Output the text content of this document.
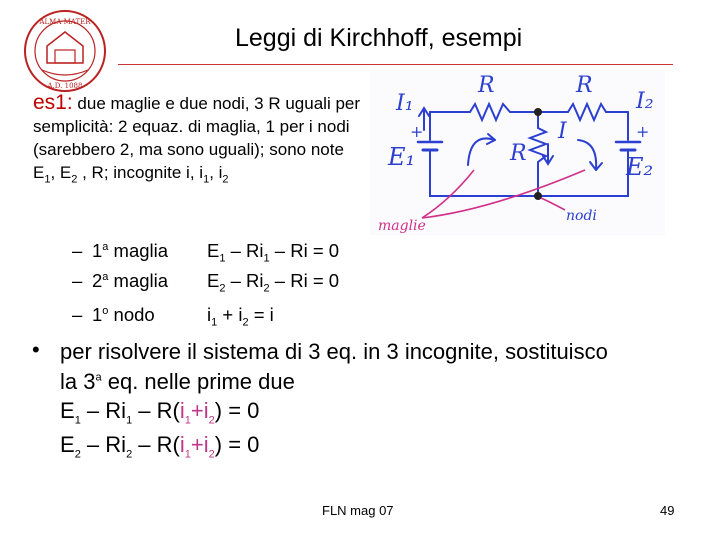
ALMA MATER
A.D. 1088
Leggi di Kirchhoff, esempi
es1: due maglie e due nodi, 3 R uguali per semplicità: 2 equaz. di maglia, 1 per i nodi (sarebbero 2, ma sono uguali); sono note $E_1$, $E_2$ , R; incognite i, $i_1$, $i_2$
R	R
R
I₁	I₂
I
E₁	E₂
+	+
maglie
nodi
– 1$^a$ maglia $E_1 - Ri_1 - Ri = 0$
– 2$^a$ maglia $E_2 - Ri_2 - Ri = 0$
– 1$^o$ nodo	$i_1 + i_2 = i$
• per risolvere il sistema di 3 eq. in 3 incognite, sostituisco
la 3$^a$ eq. nelle prime due
$E_1 - Ri_1 - R(i_1+i_2) = 0$
$E_2 - Ri_2 - R(i_1+i_2) = 0$
FLN mag 07	49
